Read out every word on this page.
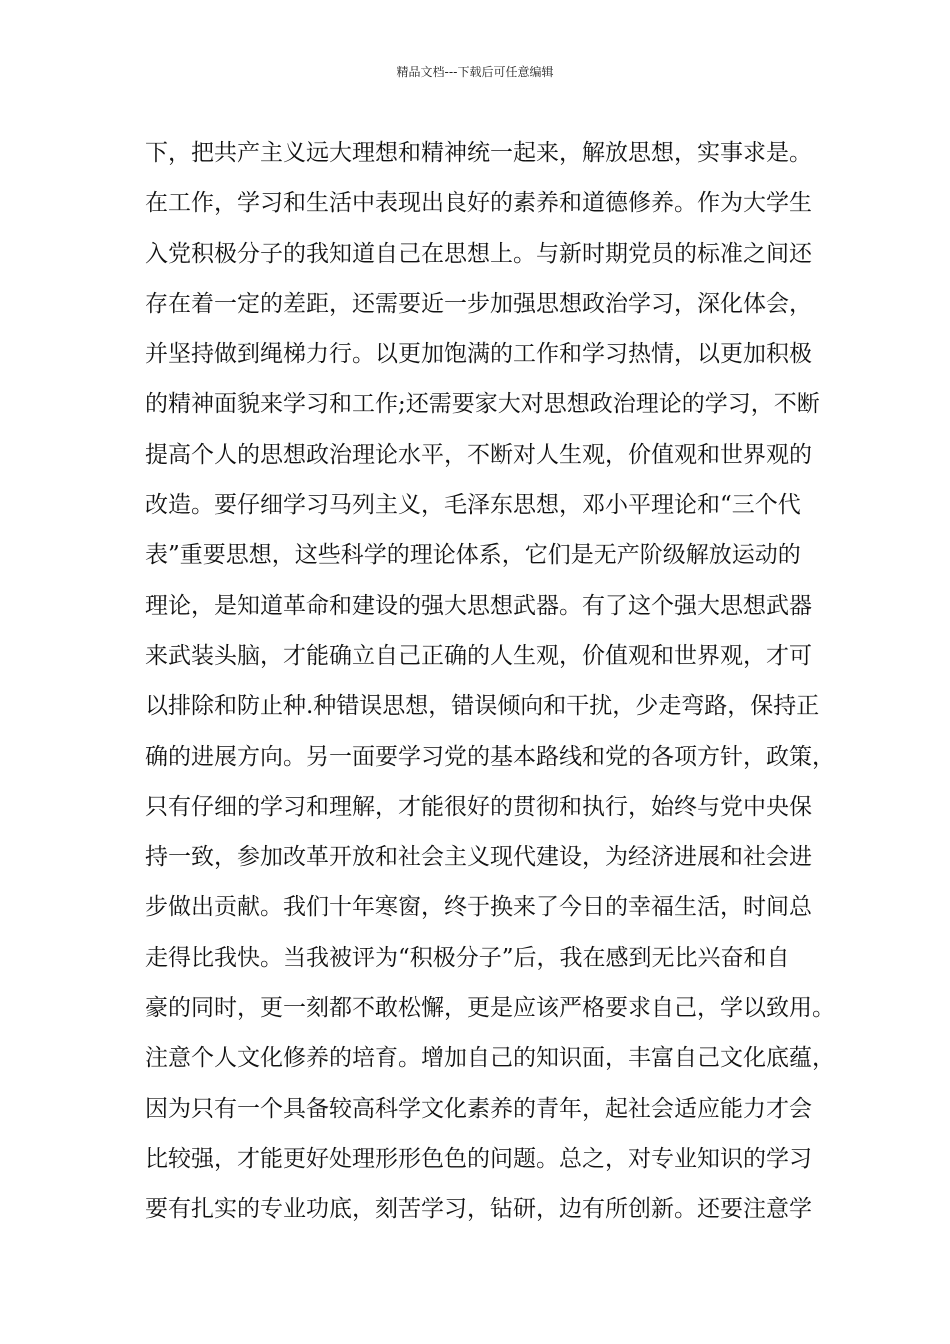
精品文档---下载后可任意编辑
下，把共产主义远大理想和精神统一起来，解放思想，实事求是。
在工作，学习和生活中表现出良好的素养和道德修养。作为大学生
入党积极分子的我知道自己在思想上。与新时期党员的标准之间还
存在着一定的差距，还需要近一步加强思想政治学习，深化体会，
并坚持做到绳梯力行。以更加饱满的工作和学习热情，以更加积极
的精神面貌来学习和工作;还需要家大对思想政治理论的学习，不断
提高个人的思想政治理论水平，不断对人生观，价值观和世界观的
改造。要仔细学习马列主义，毛泽东思想，邓小平理论和“三个代
表”重要思想，这些科学的理论体系，它们是无产阶级解放运动的
理论，是知道革命和建设的强大思想武器。有了这个强大思想武器
来武装头脑，才能确立自己正确的人生观，价值观和世界观，才可
以排除和防止种.种错误思想，错误倾向和干扰，少走弯路，保持正
确的进展方向。另一面要学习党的基本路线和党的各项方针，政策，
只有仔细的学习和理解，才能很好的贯彻和执行，始终与党中央保
持一致，参加改革开放和社会主义现代建设，为经济进展和社会进
步做出贡献。我们十年寒窗，终于换来了今日的幸福生活，时间总
走得比我快。当我被评为“积极分子”后，我在感到无比兴奋和自
豪的同时，更一刻都不敢松懈，更是应该严格要求自己，学以致用。
注意个人文化修养的培育。增加自己的知识面，丰富自己文化底蕴，
因为只有一个具备较高科学文化素养的青年，起社会适应能力才会
比较强，才能更好处理形形色色的问题。总之，对专业知识的学习
要有扎实的专业功底，刻苦学习，钻研，边有所创新。还要注意学
